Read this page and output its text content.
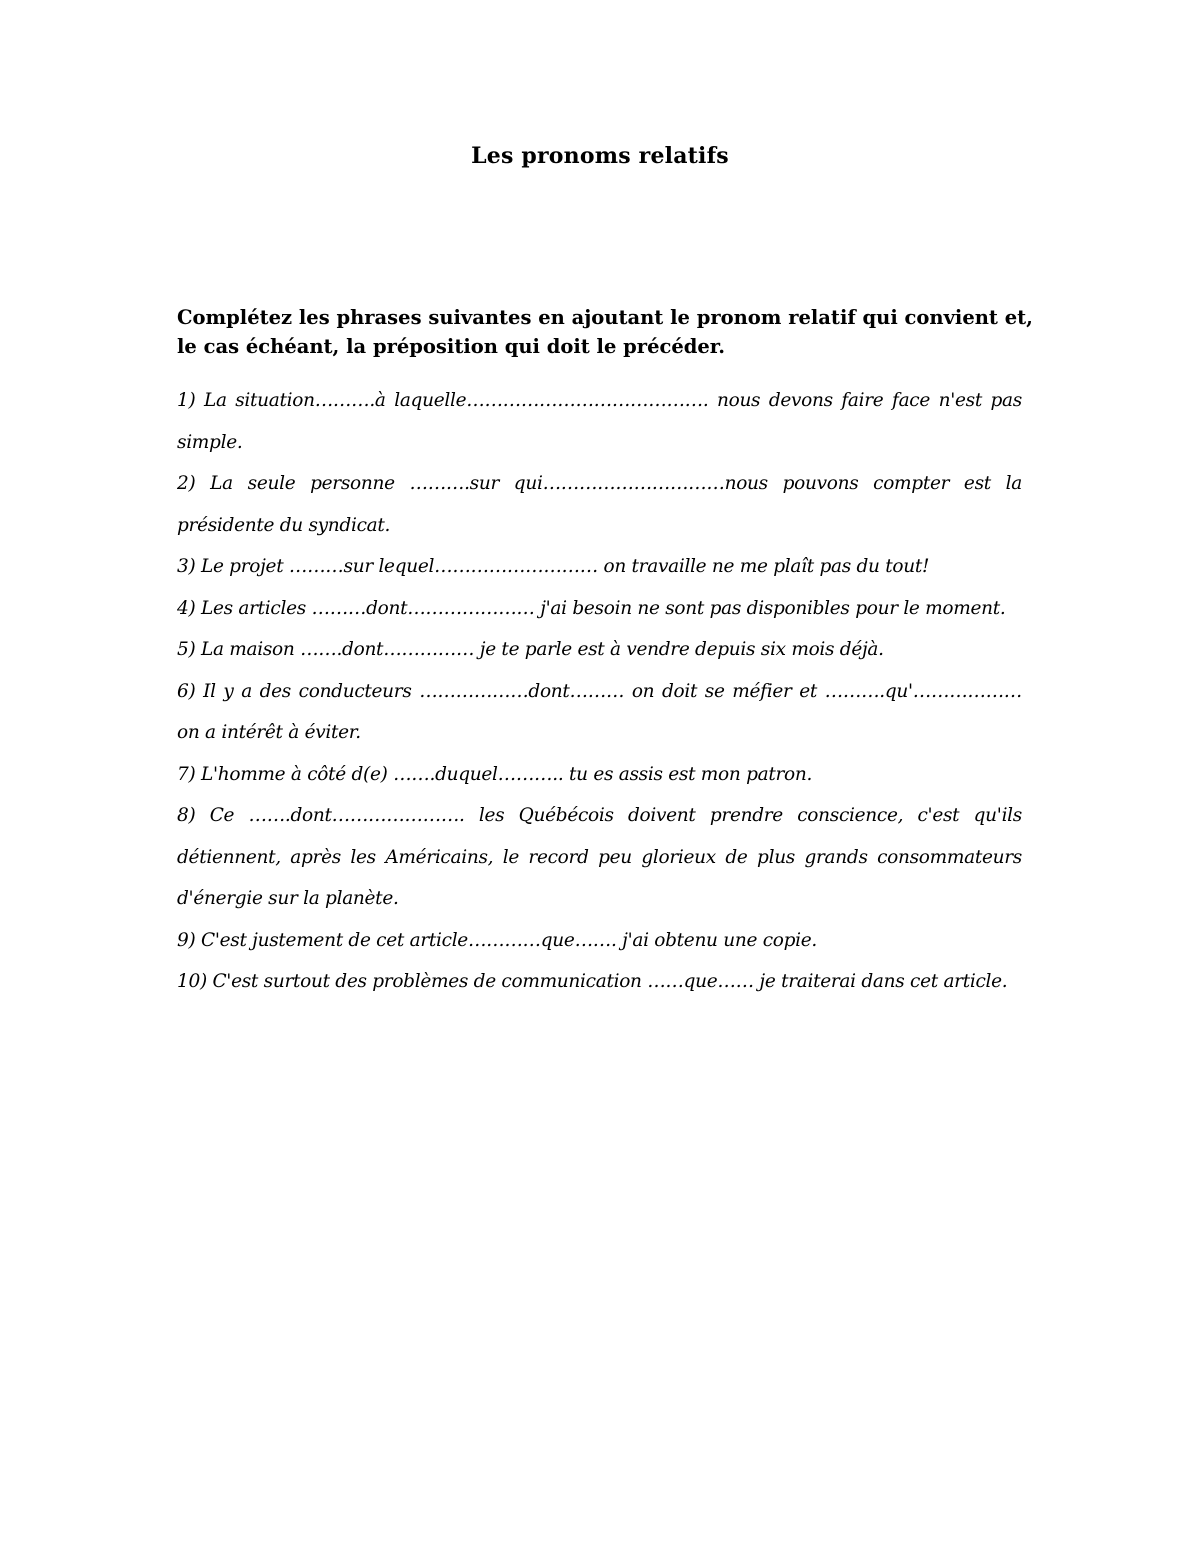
Les pronoms relatifs

Complétez les phrases suivantes en ajoutant le pronom relatif qui convient et, le cas échéant, la préposition qui doit le précéder.

1) La situation……….à laquelle…………………………………. nous devons faire face n'est pas simple.
2) La seule personne ……….sur qui…………………………nous pouvons compter est la présidente du syndicat.
3) Le projet ………sur lequel……………………… on travaille ne me plaît pas du tout!
4) Les articles ………dont………………… j'ai besoin ne sont pas disponibles pour le moment.
5) La maison …….dont…………… je te parle est à vendre depuis six mois déjà.
6) Il y a des conducteurs ………………dont……… on doit se méfier et ……….qu'……………… on a intérêt à éviter.
7) L'homme à côté d(e) …….duquel……….. tu es assis est mon patron.
8) Ce …….dont…………………. les Québécois doivent prendre conscience, c'est qu'ils détiennent, après les Américains, le record peu glorieux de plus grands consommateurs d'énergie sur la planète.
9) C'est justement de cet article…………que……. j'ai obtenu une copie.
10) C'est surtout des problèmes de communication ……que…… je traiterai dans cet article.
